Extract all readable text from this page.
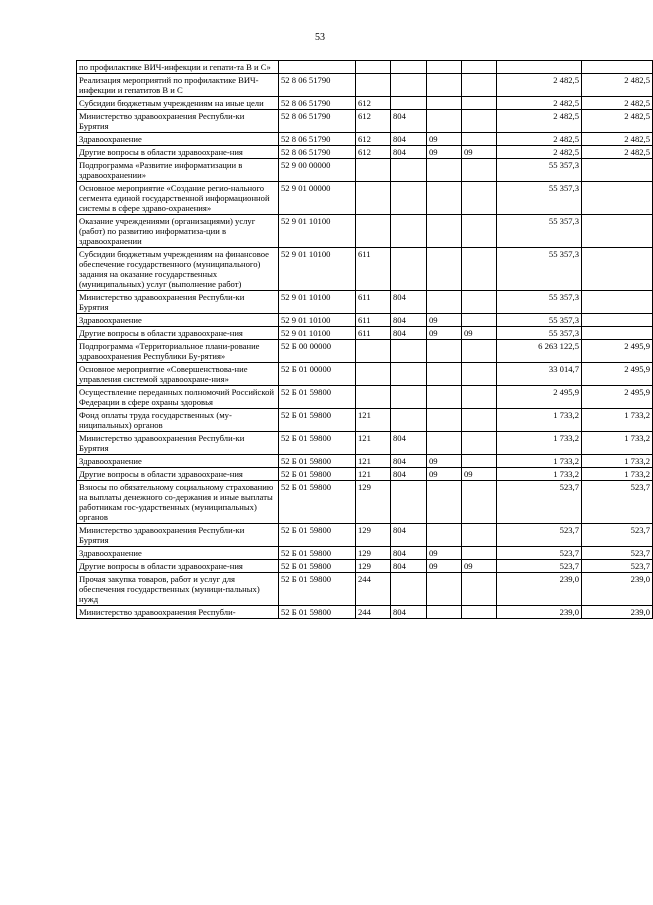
53
по профилактике ВИЧ-инфекции и гепати-та В и С»							
Реализация мероприятий по профилактике ВИЧ-инфекции и гепатитов В и С	52 8 06 51790					2 482,5	2 482,5
Субсидии бюджетным учреждениям на иные цели	52 8 06 51790	612				2 482,5	2 482,5
Министерство здравоохранения Республи-ки Бурятия	52 8 06 51790	612	804			2 482,5	2 482,5
Здравоохранение	52 8 06 51790	612	804	09		2 482,5	2 482,5
Другие вопросы в области здравоохране-ния	52 8 06 51790	612	804	09	09	2 482,5	2 482,5
Подпрограмма «Развитие информатизации в здравоохранении»	52 9 00 00000					55 357,3	
Основное мероприятие «Создание регио-нального сегмента единой государственной информационной системы в сфере здраво-охранения»	52 9 01 00000					55 357,3	
Оказание учреждениями (организациями) услуг (работ) по развитию информатиза-ции в здравоохранении	52 9 01 10100					55 357,3	
Субсидии бюджетным учреждениям на финансовое обеспечение государственного (муниципального) задания на оказание государственных (муниципальных) услуг (выполнение работ)	52 9 01 10100	611				55 357,3	
Министерство здравоохранения Республи-ки Бурятия	52 9 01 10100	611	804			55 357,3	
Здравоохранение	52 9 01 10100	611	804	09		55 357,3	
Другие вопросы в области здравоохране-ния	52 9 01 10100	611	804	09	09	55 357,3	
Подпрограмма «Территориальное плани-рование здравоохранения Республики Бу-рятия»	52 Б 00 00000					6 263 122,5	2 495,9
Основное мероприятие «Совершенствова-ние управления системой здравоохране-ния»	52 Б 01 00000					33 014,7	2 495,9
Осуществление переданных полномочий Российской Федерации в сфере охраны здоровья	52 Б 01 59800					2 495,9	2 495,9
Фонд оплаты труда государственных (му-ниципальных) органов	52 Б 01 59800	121				1 733,2	1 733,2
Министерство здравоохранения Республи-ки Бурятия	52 Б 01 59800	121	804			1 733,2	1 733,2
Здравоохранение	52 Б 01 59800	121	804	09		1 733,2	1 733,2
Другие вопросы в области здравоохране-ния	52 Б 01 59800	121	804	09	09	1 733,2	1 733,2
Взносы по обязательному социальному страхованию на выплаты денежного со-держания и иные выплаты работникам гос-ударственных (муниципальных) органов	52 Б 01 59800	129				523,7	523,7
Министерство здравоохранения Республи-ки Бурятия	52 Б 01 59800	129	804			523,7	523,7
Здравоохранение	52 Б 01 59800	129	804	09		523,7	523,7
Другие вопросы в области здравоохране-ния	52 Б 01 59800	129	804	09	09	523,7	523,7
Прочая закупка товаров, работ и услуг для обеспечения государственных (муници-пальных) нужд	52 Б 01 59800	244				239,0	239,0
Министерство здравоохранения Республи-	52 Б 01 59800	244	804			239,0	239,0
